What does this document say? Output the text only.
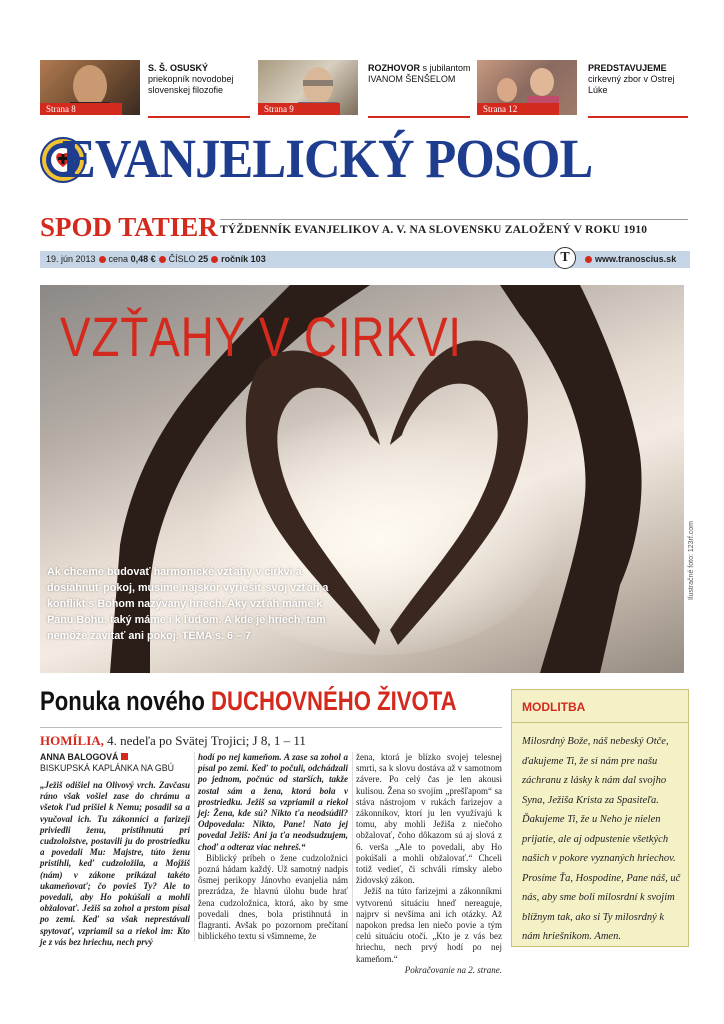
Strana 8
S. Š. OSUSKÝ
priekopník novodobej slovenskej filozofie
Strana 9
ROZHOVOR s jubilantom
IVANOM ŠENŠELOM
Strana 12
PREDSTAVUJEME
cirkevný zbor v Ostrej Lúke
EVANJELICKÝ POSOL
SPOD TATIER TÝŽDENNÍK EVANJELIKOV A. V. NA SLOVENSKU ZALOŽENÝ V ROKU 1910
19. jún 2013 cena 0,48 € ČÍSLO 25 ročník 103	T	www.tranoscius.sk
VZŤAHY V CIRKVI
Ak chceme budovať harmonické vzťahy v cirkvi a dosiahnuť pokoj, musíme najskôr vyriešiť svoj vzťah a konflikt s Bohom nazývaný hriech. Aký vzťah máme k Pánu Bohu, taký máme i k ľuďom. A kde je hriech, tam nemôže zavítať ani pokoj. TÉMA s. 6 – 7
Ilustračné foto: 123rf.com
Ponuka nového DUCHOVNÉHO ŽIVOTA
HOMÍLIA, 4. nedeľa po Svätej Trojici; J 8, 1 – 11
ANNA BALOGOVÁ
BISKUPSKÁ KAPLÁNKA NA GBÚ
„Ježiš odišiel na Olivový vrch. Zavčasu ráno však vošiel zase do chrámu a všetok ľud prišiel k Nemu; posadil sa a vyučoval ich. Tu zákonníci a farizeji priviedli ženu, pristihnutú pri cudzoložstve, postavili ju do prostriedku a povedali Mu: Majstre, túto ženu pristihli, keď cudzoložila, a Mojžiš (nám) v zákone prikázal takéto ukameňovať; čo povieš Ty? Ale to povedali, aby Ho pokúšali a mohli obžalovať. Ježiš sa zohol a prstom písal po zemi. Keď sa však neprestávali spytovať, vzpriamil sa a riekol im: Kto je z vás bez hriechu, nech prvý
hodí po nej kameňom. A zase sa zohol a písal po zemi. Keď to počuli, odchádzali po jednom, počnúc od starších, takže zostal sám a žena, ktorá bola v prostriedku. Ježiš sa vzpriamil a riekol jej: Žena, kde sú? Nikto ťa neodsúdil? Odpovedala: Nikto, Pane! Nato jej povedal Ježiš: Ani ja ťa neodsudzujem, choď a odteraz viac nehreš.“
Biblický príbeh o žene cudzoložnici pozná hádam každý. Už samotný nadpis ôsmej perikopy Jánovho evanjelia nám prezrádza, že hlavnú úlohu bude hrať žena cudzoložnica, ktorá, ako by sme povedali dnes, bola pristihnutá in flagranti. Avšak po pozornom prečítaní biblického textu si všimneme, že
žena, ktorá je blízko svojej telesnej smrti, sa k slovu dostáva až v samotnom závere. Po celý čas je len akousi kulisou. Žena so svojím „prešľapom“ sa stáva nástrojom v rukách farizejov a zákonníkov, ktorí ju len využívajú k tomu, aby mohli Ježiša z niečoho obžalovať, čoho dôkazom sú aj slová z 6. verša „Ale to povedali, aby Ho pokúšali a mohli obžalovať.“ Chceli totiž vedieť, či schváli rímsky alebo židovský zákon.
Ježiš na túto farizejmi a zákonníkmi vytvorenú situáciu hneď nereaguje, najprv si nevšíma ani ich otázky. Až napokon predsa len niečo povie a tým celú situáciu otočí. „Kto je z vás bez hriechu, nech prvý hodí po nej kameňom.“

Pokračovanie na 2. strane.
MODLITBA
Milosrdný Bože, náš nebeský Otče, ďakujeme Ti, že si nám pre našu záchranu z lásky k nám dal svojho Syna, Ježiša Krista za Spasiteľa. Ďakujeme Ti, že u Neho je nielen prijatie, ale aj odpustenie všetkých našich v pokore vyznaných hriechov. Prosíme Ťa, Hospodine, Pane náš, uč nás, aby sme boli milosrdní k svojim blížnym tak, ako si Ty milosrdný k nám hriešnikom. Amen.
